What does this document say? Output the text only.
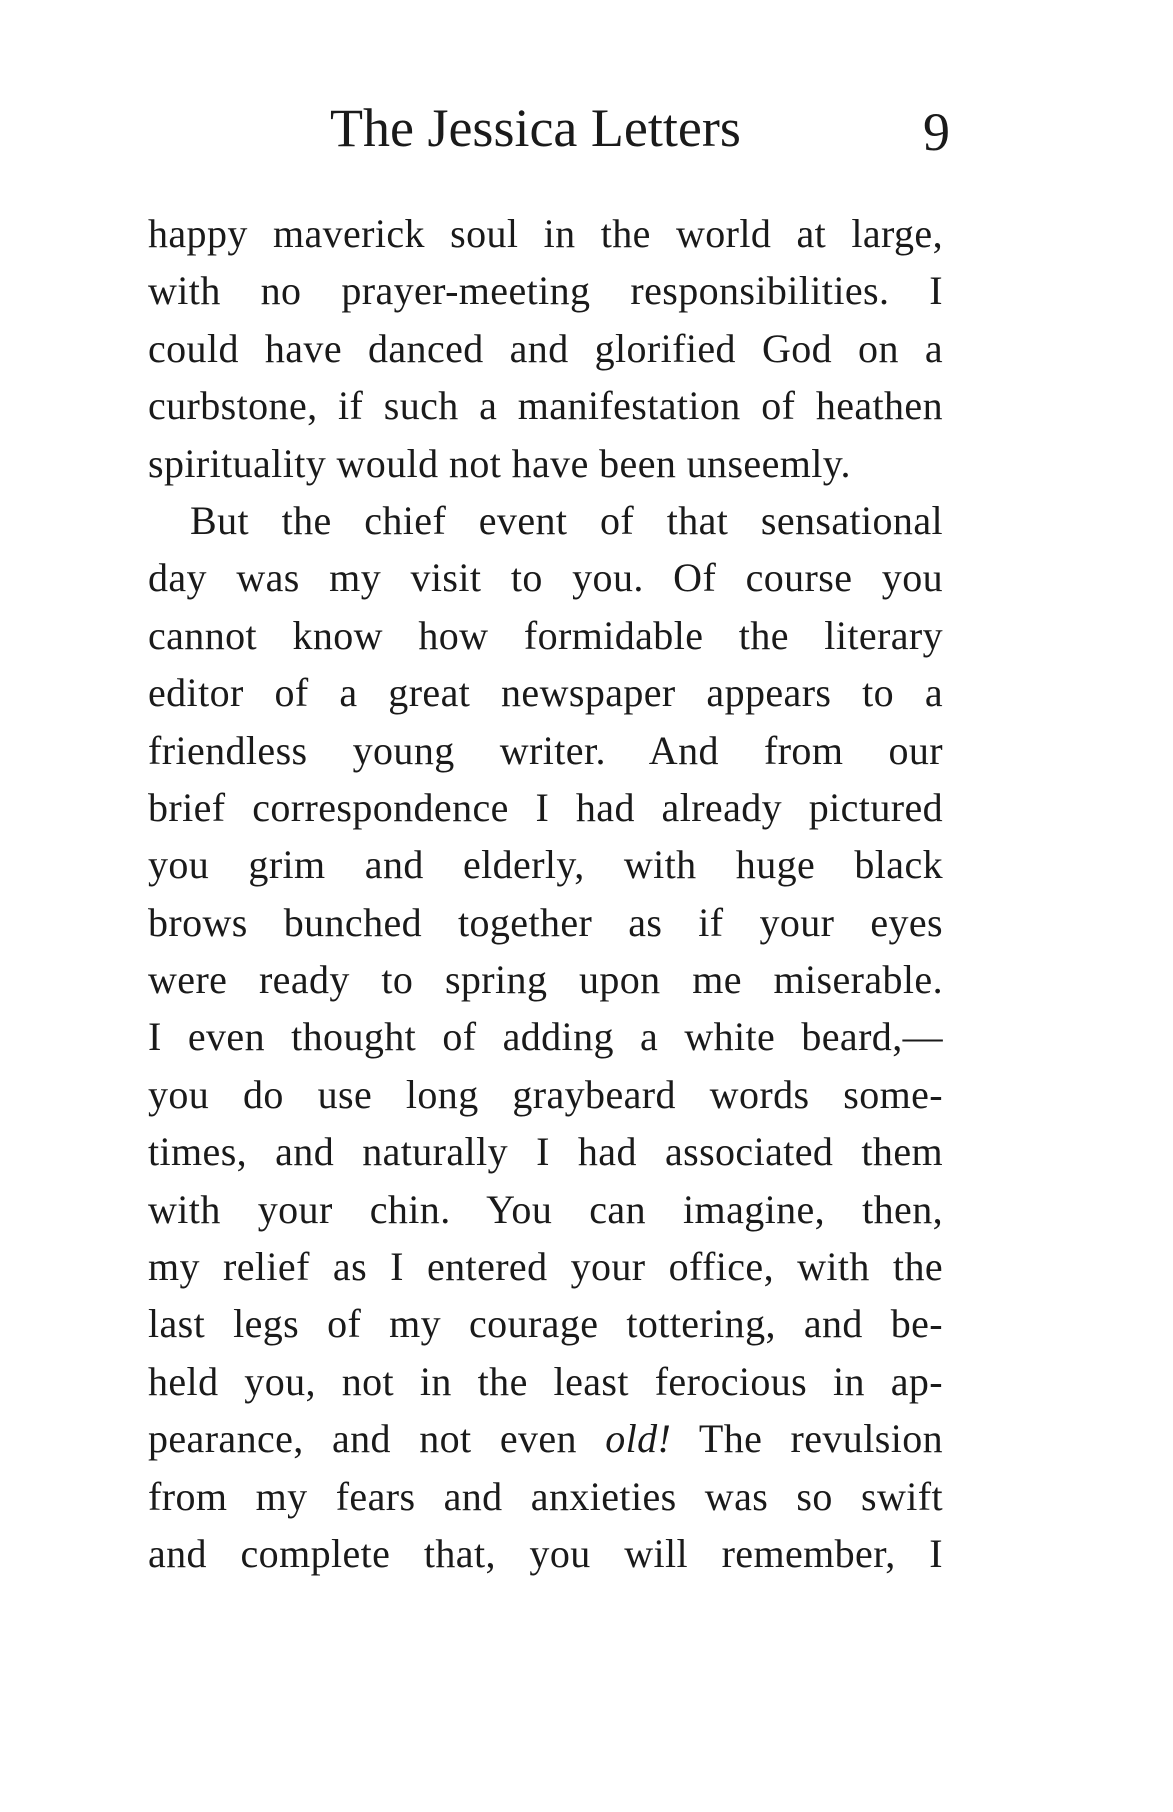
The Jessica Letters	9
happy maverick soul in the world at large,
with no prayer-meeting responsibilities. I
could have danced and glorified God on a
curbstone, if such a manifestation of heathen
spirituality would not have been unseemly.
But the chief event of that sensational
day was my visit to you. Of course you
cannot know how formidable the literary
editor of a great newspaper appears to a
friendless young writer. And from our
brief correspondence I had already pictured
you grim and elderly, with huge black
brows bunched together as if your eyes
were ready to spring upon me miserable.
I even thought of adding a white beard,—
you do use long graybeard words some-
times, and naturally I had associated them
with your chin. You can imagine, then,
my relief as I entered your office, with the
last legs of my courage tottering, and be-
held you, not in the least ferocious in ap-
pearance, and not even old! The revulsion
from my fears and anxieties was so swift
and complete that, you will remember, I
